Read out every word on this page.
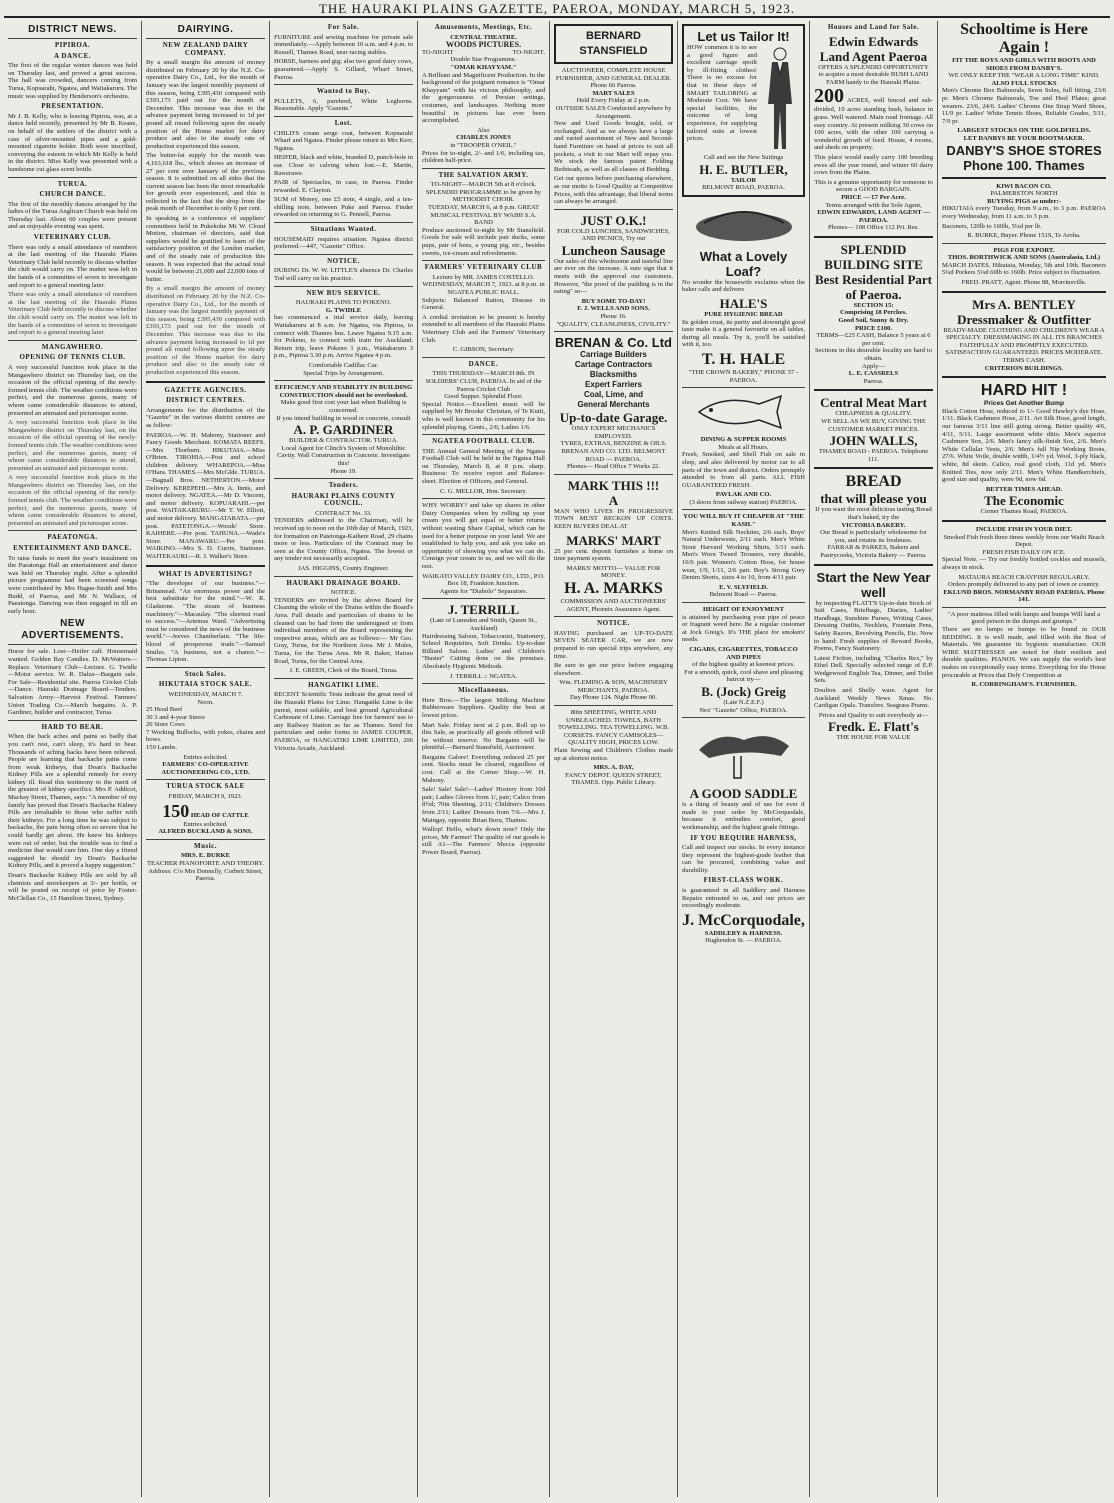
THE HAURAKI PLAINS GAZETTE, PAEROA, MONDAY, MARCH 5, 1923.
DISTRICT NEWS.
PIPIROA.
A DANCE.

The first of the regular winter dances was held on Thursday last, and proved a great success. The hall was crowded, dancers coming from Turua, Kopuarahi, Ngatea, and Waitakaruru. The music was supplied by Henderson's orchestra.

PRESENTATION.

Mr J. B. Kelly, who is leaving Pipiroa, was, at a dance held recently, presented by Mr B. Keane, on behalf of the settlers of the district with a case of silver-mounted pipes and a gold-mounted cigarette holder. Both were inscribed, conveying the esteem in which Mr Kelly is held in the district. Miss Kelly was presented with a handsome cut glass scent bottle.

TURUA.
CHURCH DANCE.

The first of the monthly dances arranged by the ladies of the Turua Anglican Church was held on Thursday last. About 60 couples were present and an enjoyable evening was spent.

VETERINARY CLUB.

There was only a small attendance of members at the last meeting of the Hauraki Plains Veterinary Club held recently to discuss whether the club would carry on. The matter was left in the hands of a committee of seven to investigate and report to a general meeting later.

There was only a small attendance of members at the last meeting of the Hauraki Plains Veterinary Club held recently to discuss whether the club would carry on. The matter was left in the hands of a committee of seven to investigate and report to a general meeting later.

MANGAWHERO.
OPENING OF TENNIS CLUB.

A very successful function took place in the Mangawhero district on Thursday last, on the occasion of the official opening of the newly-formed tennis club. The weather conditions were perfect, and the numerous guests, many of whom came considerable distances to attend, presented an animated and picturesque scene.

A very successful function took place in the Mangawhero district on Thursday last, on the occasion of the official opening of the newly-formed tennis club. The weather conditions were perfect, and the numerous guests, many of whom came considerable distances to attend, presented an animated and picturesque scene.

A very successful function took place in the Mangawhero district on Thursday last, on the occasion of the official opening of the newly-formed tennis club. The weather conditions were perfect, and the numerous guests, many of whom came considerable distances to attend, presented an animated and picturesque scene.

PAEATONGA.
ENTERTAINMENT AND DANCE.

To raise funds to meet the year's instalment on the Paeatonga Hall an entertainment and dance was held on Thursday night. After a splendid picture programme had been screened songs were contributed by Mrs Hague-Smith and Mrs Budd, of Paeroa, and Mr N. Wallace, of Paeatonga. Dancing was then engaged in till an early hour.

NEW ADVERTISEMENTS.

Horse for sale. Lost—Heifer calf. Housemaid wanted. Golden Bay Candles. D. McWatters—Replace. Veterinary Club—Lecture. G. Twidle—Motor service. W. R. Dalza—Bargain sale. For Sale—Residential site. Paeroa Cricket Club—Dance. Hauraki Drainage Board—Tenders. Salvation Army—Harvest Festival. Farmers' Union Trading Co.—March bargains. A. P. Gardiner, builder and contractor, Turua.

HARD TO BEAR.

When the back aches and pains so badly that you can't rest, can't sleep, it's hard to bear. Thousands of aching backs have been relieved. People are learning that backache pains come from weak kidneys, that Doan's Backache Kidney Pills are a splendid remedy for every kidney ill. Read this testimony to the merit of the greatest of kidney specifics: Mrs P. Addicot, Mackay Street, Thames, says: "A member of my family has proved that Doan's Backache Kidney Pills are invaluable to those who suffer with their kidneys. For a long time he was subject to backache, the pain being often so severe that he could hardly get about. He knew his kidneys were out of order, but the trouble was to find a medicine that would cure him. One day a friend suggested he should try Doan's Backache Kidney Pills, and it proved a happy suggestion."

Doan's Backache Kidney Pills are sold by all chemists and storekeepers at 3/- per bottle, or will be posted on receipt of price by Foster-McClellan Co., 15 Hamilton Street, Sydney.

DAIRYING.
NEW ZEALAND DAIRY COMPANY.

By a small margin the amount of money distributed on February 20 by the N.Z. Co-operative Dairy Co., Ltd., for the month of January was the largest monthly payment of this season, being £395,430 compared with £393,173 paid out for the month of December. This increase was due to the advance payment being increased to 1d per pound all round following upon the steady position of the Home market for dairy produce and also to the steady rate of production experienced this season.

The butter-fat supply for the month was 4,163,618 lbs., which shows an increase of 27 per cent over January of the previous season. It is submitted on all sides that the current season has been the most remarkable for growth ever experienced, and this is reflected in the fact that the drop from the peak month of December is only 6 per cent.

In speaking to a conference of suppliers' committees held in Pukekohe Mr W. Cloud Motion, chairman of directors, said that suppliers would be gratified to learn of the satisfactory position of the London market, and of the steady rate of production this season. It was expected that the actual total would be between 21,000 and 22,000 tons of butter.

By a small margin the amount of money distributed on February 20 by the N.Z. Co-operative Dairy Co., Ltd., for the month of January was the largest monthly payment of this season, being £395,430 compared with £393,173 paid out for the month of December. This increase was due to the advance payment being increased to 1d per pound all round following upon the steady position of the Home market for dairy produce and also to the steady rate of production experienced this season.

GAZETTE AGENCIES.
DISTRICT CENTRES.

Arrangements for the distribution of the "Gazette" in the various district centres are as follow:

PAEROA.—W. H. Mabony, Stationer and Fancy Goods Merchant. KOMATA REEFS.—Mrs Thorburn. HIKUTAIA.—Miss O'Brien. TIROHIA.—Post and school children delivery. WHAREPOA.—Miss O'Hara. THAMES.—Mrs McGlde. TURUA.—Bagnall Bros. NETHERTON.—Motor Delivery. KEREPEHI.—Mrs A. Innis, and motor delivery. NGATEA.—Mr D. Vincent, and motor delivery. KOPUARAHI.—per post. WAITAKARURU.—Mr T. W. Elliott, and motor delivery. MANGATARATA.—per post. PATETONGA.—Woods' Store. KAIHERE.—Per post. TAHUNA.—Wade's Store. MANAWARU.—Per post. WAIKINO.—Mrs S. D. Currie, Stationer. WAITEKAURI.—R. J. Walker's Store.

WHAT IS ADVERTISING?

"The developer of our business."—Brinsmead. "An enormous power and the best substitute for the mind."—W. R. Gladstone. "The steam of business machinery."—Macaulay. "The shortest road to success."—Artemus Ward. "Advertising must be considered the news of the business world."—Jeeves Chamberlain. "The life-blood of prosperous trade."—Samuel Smiles. "A business, not a chance."—Thomas Lipton.

Stock Sales.
HIKUTAIA STOCK SALE.
WEDNESDAY, MARCH 7.
Noon.

25 Head Beef
30 3 and 4-year Steers
20 Store Cows
7 Working Bullocks, with yokes, chains and bows.
150 Lambs.

Entries solicited.
FARMERS' CO-OPERATIVE AUCTIONEERING CO., LTD.
TURUA STOCK SALE
FRIDAY, MARCH 9, 1923.
150 HEAD OF CATTLE
Entries solicited.
ALFRED BUCKLAND & SONS.
Music.
MRS. E. BURKE
TEACHER PIANOFORTE AND THEORY.
Address: C/o Mrs Donnelly, Corbett Street, Paeroa.
For Sale.

FURNITURE and sewing machine for private sale immediately.—Apply between 10 a.m. and 4 p.m. to Russell, Thames Road, near racing stables.

HORSE, harness and gig; also two good dairy cows, guaranteed.—Apply S. Gillard, Wharf Street, Paeroa.

Wanted to Buy.

PULLETS, 6, purebred, White Leghorns. Reasonable. Apply "Gazette."

Lost.

CHILD'S cream serge coat, between Kopuarahi Wharf and Ngatea. Finder please return to Mrs Kerr, Ngatea.

HEIFER, black and white, branded D, punch-hole in ear. Close to calving when lost.—E. Martin, Rawerawe.

PAIR of Spectacles, in case, in Paeroa. Finder rewarded. E. Clayton.

SUM of Money, one £5 note, 4 single, and a ten-shilling note, between Puke and Paeroa. Finder rewarded on returning to G. Pennell, Paeroa.

Situations Wanted.

HOUSEMAID requires situation. Ngatea district preferred.—447, "Gazette" Office.

NOTICE.

DURING Dr. W. W. LITTLE'S absence Dr. Charles Tod will carry on his practice.

NEW BUS SERVICE.
HAURAKI PLAINS TO POKENO.
G. TWIDLE

has commenced a trial service daily, leaving Waitakaruru at 8 a.m. for Ngatea, via Pipiroa, to connect with Thames bus. Leave Ngatea 9.15 a.m. for Pokeno, to connect with train for Auckland. Return trip, leave Pokeno 1 p.m., Waitakaruru 3 p.m., Pipiroa 3.30 p.m. Arrive Ngatea 4 p.m.

Comfortable Cadillac Car.
Special Trips by Arrangement.
EFFICIENCY AND STABILITY IN BUILDING CONSTRUCTION should not be overlooked.
Make good first cost your last when Building is concerned.
If you intend building in wood or concrete, consult
A. P. GARDINER
BUILDER & CONTRACTOR. TURUA.
Local Agent for Clinch's System of Monolithic Cavity. Wall Construction in Concrete. Investigate this!
Phone 19.
Tenders.
HAURAKI PLAINS COUNTY COUNCIL.
CONTRACT No. 33.

TENDERS addressed to the Chairman, will be received up to noon on the 10th day of March, 1923, for formation on Patetonga-Kaihere Road, 29 chains more or less. Particulars of the Contract may be seen at the County Office, Ngatea. The lowest or any tender not necessarily accepted.

JAS. HIGGINS, County Engineer.
HAURAKI DRAINAGE BOARD.
NOTICE.

TENDERS are invited by the above Board for Cleaning the whole of the Drains within the Board's Area. Full details and particulars of drains to be cleaned can be had from the undersigned or from individual members of the Board representing the respective areas, which are as follows:— Mr Geo. Gray, Turua, for the Northern Area. Mr J. Mules, Turua, for the Turua Area. Mr R. Baker, Hairau Road, Turua, for the Central Area.

J. E. GREEN, Clerk of the Board, Turua.
HANGATIKI LIME.

RECENT Scientific Tests indicate the great need of the Hauraki Plains for Lime. Hangatiki Lime is the purest, most soluble, and best ground Agricultural Carbonate of Lime. Carriage free for farmers' use to any Railway Station as far as Thames. Send for particulars and order forms to JAMES COUPER, PAEROA, or HANGATIKI LIME LIMITED, 206 Victoria Arcade, Auckland.

Amusements, Meetings, Etc.
CENTRAL THEATRE.
WOODS PICTURES.
TO-NIGHT	TO-NIGHT.
Double Star Programme.
"OMAR KHAYYAM."

A Brilliant and Magnificent Production. In the background of the poignant romance is "Omar Khayyam" with his vicious philosophy, and the gorgeousness of Persian settings, costumes, and landscapes. Nothing more beautiful in pictures has ever been accomplished.

Also
CHARLES JONES
in "TROOPER O'NEIL."

Prices for to-night, 2/- and 1/6, including tax, children half-price.

THE SALVATION ARMY.
TO-NIGHT—MARCH 5th at 8 o'clock.
SPLENDID PROGRAMME to be given by METHODIST CHOIR.
TUESDAY, MARCH 6, at 8 p.m. GREAT MUSICAL FESTIVAL BY WAIHI S.A. BAND

Produce auctioned to-night by Mr Stansfield. Goods for sale will include pair ducks, some pups, pair of hens, a young pig, etc., besides sweets, ice-cream and refreshments.

FARMERS' VETERINARY CLUB
Lecture by MR. JAMES COSTELLO. WEDNESDAY, MARCH 7, 1923. at 8 p.m. in NGATEA PUBLIC HALL.

Subjects: Balanced Ration, Disease in General.

A cordial invitation to be present is hereby extended to all members of the Hauraki Plains Veterinary Club and the Farmers' Veterinary Club.

C. GIBSON, Secretary.
DANCE.
THIS THURSDAY—MARCH 8th. IN SOLDIERS' CLUB, PAEROA. In aid of the Paeroa Cricket Club
Good Supper. Splendid Floor.

Special Notice.—Excellent music will be supplied by Mr Brooks' Christian, of Te Kuiti, who is well known in this community for his splendid playing. Gents., 2/6; Ladies 1/6.

NGATEA FOOTBALL CLUB.

THE Annual General Meeting of the Ngatea Football Club will be held in the Ngatea Hall on Thursday, March 8, at 8 p.m. sharp. Business: To receive report and Balance-sheet. Election of Officers, and General.

C. G. MELLOR, Hon. Secretary.

WHY WORRY? and take up shares in other Dairy Companies when by rolling up your cream you will get equal or better returns without wasting Share Capital, which can be used for a better purpose on your land. We are established to help you, and ask you take an opportunity of showing you what we can do. Consign your cream to us, and we will do the rest.

WAIKATO VALLEY DAIRY CO., LTD., P.O. Box 18, Frankton Junction.
Agents for "Diabolo" Separators.
J. TERRILL
(Late of Lumsden and Smith, Queen St., Auckland)

Hairdressing Saloon, Tobacconist, Stationery, School Requisites, Soft Drinks. Up-to-date Billiard Saloon. Ladies' and Children's "Buster" Cutting done on the premises. Absolutely Hygienic Methods.

J. TERRILL :: NGATEA.
Miscellaneous.

Here Bros.—The largest Milking Machine Rubberware Suppliers. Quality the best at lowest prices.

Mart Sale. Friday next at 2 p.m. Roll up to this Sale, as practically all goods offered will be without reserve. No Bargains will be plentiful.—Bernard Stansfield, Auctioneer.

Bargains Galore! Everything reduced 25 per cent. Stocks must be cleared, regardless of cost. Call at the Corner Shop.—W. H. Mahony.

Sale! Sale! Sale!—Ladies' Hosiery from 10d pair; Ladies Gloves from 1/, pair; Calico from 8½d; 70in Sheeting, 2/11; Children's Dresses from 2/11; Ladies' Dresses from 7/6.—Mrs J. Maingay, opposite Brian Boru, Thames.

Wallop! Hello, what's down now? Only the prices, Mr Farmer! The quality of our goods is still A1—The Farmers' Mecca (opposite Power Board, Paeroa).

BERNARD STANSFIELD
AUCTIONEER, COMPLETE HOUSE FURNISHER, AND GENERAL DEALER.
Phone 66 Paeroa.
MART SALES
Held Every Friday at 2 p.m.
OUTSIDE SALES Conducted anywhere by Arrangement.

New and Used Goods bought, sold, or exchanged. And as we always have a large and varied assortment of New and Second-hand Furniture on hand at prices to suit all pockets, a visit to our Mart will repay you. We stock the famous patent Folding Bedsteads, as well as all classes of Bedding.

Get our quotes before purchasing elsewhere, as our motto is Good Quality at Competitive Prices, with this advantage, that liberal terms can always be arranged.

JUST O.K.!
FOR COLD LUNCHES, SANDWICHES, AND PICNICS, Try our
Luncheon Sausage

Our sales of this wholesome and tasteful line are ever on the increase. A sure sign that it meets with the approval our customers. However, "the proof of the pudding is in the eating" so—

BUY SOME TO-DAY!
F. J. WELLS AND SONS.
Phone 16.
"QUALITY, CLEANLINESS, CIVILITY."
BRENAN & Co. Ltd
Carriage Builders
Cartage Contractors
Blacksmiths
Expert Farriers
Coal, Lime, and
General Merchants
Up-to-date Garage.
ONLY EXPERT MECHANICS EMPLOYED.
TYRES, EXTRAS, BENZINE & OILS.
BRENAN AND CO. LTD. BELMONT ROAD — PAEROA.
Phones— Head Office 7 Works 22.
MARK THIS !!!
A

MAN WHO LIVES IN PROGRESSIVE TOWN MUST RECKON UP COSTS. KEEN BUYERS DEAL AT

MARKS' MART

25 per cent. deposit furnishes a home on time payment system.

MARKS' MOTTO— VALUE FOR MONEY.
H. A. MARKS
COMMISSION AND AUCTIONEERS' AGENT, Phoenix Assurance Agent.
NOTICE.

HAVING purchased an UP-TO-DATE SEVEN SEATER CAR, we are now prepared to run special trips anywhere, any time.

Be sure to get our price before engaging elsewhere.

Wm. FLEMING & SON, MACHINERY MERCHANTS, PAEROA.
Day Phone 124. Night Phone 90.
80in SHEETING, WHITE AND UNBLEACHED. TOWELS, BATH TOWELLING. TEA TOWELLING. W.B. CORSETS. FANCY CAMISOLES—QUALITY HIGH, PRICES LOW.

Plain Sewing and Children's Clothes made up at shortest notice.

MRS. A. DAY,
FANCY DEPOT. QUEEN STREET, THAMES. Opp. Public Library.
Let us Tailor It!

HOW common it is to see a good figure and excellent carriage spoilt by ill-fitting clothes! There is no excuse for that in these days of SMART TAILORING at Moderate Cost. We have special facilities, the outcome of long experience, for supplying tailored suits at lowest prices.

Call and see the New Suitings
H. E. BUTLER,
TAILOR
BELMONT ROAD, PAEROA.
What a Lovely Loaf?

No wonder the housewife exclaims when the baker calls and delivers

HALE'S
PURE HYGIENIC BREAD

Its golden crust, its purity and downright good taste make it a general favourite on all tables, during all meals. Try it, you'll be satisfied with it, too.

T. H. HALE
"THE CROWN BAKERY," PHONE 57 - PAEROA.
DINING & SUPPER ROOMS
Meals at all Hours.

Fresh, Smoked, and Shell Fish on sale in shop, and also delivered by motor car to all parts of the town and district. Orders promptly attended to from all parts. ALL FISH GUARANTEED FRESH.

PAVLAK AND CO.
(3 doors from railway station) PAEROA.
YOU WILL BUY IT CHEAPER AT "THE KASH."

Men's Knitted Silk Neckties, 2/6 each. Boys' Natural Underwests, 2/11 each. Men's White Stout Harvard Working Shirts, 5/11 each. Men's Worn Tweed Trousers, very durable, 16/6 pair. Women's Cotton Hose, for house wear, 1/9, 1/11, 2/6 pair. Boy's Strong Grey Denim Shorts, sizes 4 to 10, from 4/11 pair.

E. V. SLYFIELD.
Belmont Road — Paeroa.
HEIGHT OF ENJOYMENT

is attained by purchasing your pipe of peace or fragrant weed here. Be a regular customer at Jock Greig's. It's THE place for smokers' needs.

CIGARS, CIGARETTES, TOBACCO AND PIPES
of the highest quality at keenest prices.
For a smooth, quick, cool shave and pleasing haircut try—
B. (Jock) Greig
(Late N.Z.E.F.)
Nex' "Gazette" Office, PAEROA.
A GOOD SADDLE

is a thing of beauty and of use for ever if made to your order by McCorquodale, because it embodies comfort, good workmanship, and the highest grade fittings.

IF YOU REQUIRE HARNESS,

Call and inspect our stocks. In every instance they represent the highest-grade leather that can be procured, combining value and durability.

FIRST-CLASS WORK.

is guaranteed in all Saddlery and Harness Repairs entrusted to us, and our prices are exceedingly moderate.

J. McCorquodale,
SADDLERY & HARNESS.
Hughendon St. — PAEROA.
Houses and Land for Sale.
Edwin Edwards Land Agent Paeroa
OFFERS A SPLENDID OPPORTUNITY
to acquire a most desirable BUSH LAND FARM handy to the Hauraki Plains.

200 ACRES, well fenced and sub-divided, 10 acres standing bush, balance in grass. Well watered. Main road frontage. All easy country. At present milking 30 cows on 100 acres, with the other 100 carrying a wonderful growth of feed. House, 4 rooms, and sheds on property.

This place would easily carry 100 breeding ewes all the year round, and winter 60 dairy cows from the Plains.

This is a genuine opportunity for someone to secure a GOOD BARGAIN.
PRICE — £7 Per Acre.
Terms arranged with the Sole Agent,
EDWIN EDWARDS, LAND AGENT — PAEROA.
Phones— 108 Office 112 Pri. Res.
SPLENDID BUILDING SITE
Best Residential Part of Paeroa.
SECTION 15:
Comprising 18 Perches.
Good Soil, Sunny & Dry.
PRICE £100.
TERMS—£25 CASH, Balance 5 years at 6 per cent.
Sections in this desirable locality are hard to obtain.
Apply—
L. E. CASSRELS
Paeroa.
Central Meat Mart
CHEAPNESS & QUALITY.
WE SELL AS WE BUY, GIVING THE CUSTOMER MARKET PRICES.
JOHN WALLS,
THAMES ROAD - PAEROA. Telephone 111.
BREAD
that will please you
If you want the most delicious tasting Bread that's baked, try the
VICTORIA BAKERY.
Our Bread is particularly wholesome for you, and retains its freshness.
FARRAR & PARKES, Bakers and Pastrycooks, Victoria Bakery — Paeroa.
Start the New Year well
by inspecting FLATT'S Up-to-date Stock of

Suit Cases, Briefbags, Diaries, Ladies' Handbags, Sunshine Purses, Writing Cases, Dressing Outfits, Necklets, Fountain Pens, Safety Razors, Revolving Pencils, Etc. Now to hand: Fresh supplies of Reward Books, Poems, Fancy Stationery.

Latest Fiction, including "Charles Rex," by Ethel Dell. Specially selected range of E.P. Wedgewood English Tea, Dinner, and Toilet Sets.

Doulton and Shelly ware. Agent for Auckland Weekly News Xmas. No. Cardigan Opals. Transfers. Seagrass Prams.

Prices and Quality to suit everybody at—
Fredk. E. Flatt's
THE HOUSE FOR VALUE
Schooltime is Here Again !
FIT THE BOYS AND GIRLS WITH BOOTS AND SHOES FROM DANBY'S.
WE ONLY KEEP THE "WEAR A LONG TIME" KIND.
ALSO FULL STOCKS

Men's Chrome Box Balmorals, Sewn Soles, full fitting, 23/6 pr. Men's Chrome Balmorals, Toe and Heel Plates; great wearers. 23/6, 24/6. Ladies' Chrome One Strap Ward Shoes, 11/9 pr. Ladies' White Tennis Shoes, Reliable Grades, 5/11, 7/9 pr.

LARGEST STOCKS ON THE GOLDFIELDS.
LET DANBYS BE YOUR BOOTMAKER.
DANBY'S SHOE STORES Phone 100. Thames
KIWI BACON CO.
PALMERSTON NORTH
BUYING PIGS as under:-

HIKUTAIA every Tuesday, from 9 a.m., to 3 p.m. PAEROA every Wednesday, from 11 a.m. to 3 p.m.

Baconers, 120lb to 160lb, 5¼d per lb.

R. BURKE, Buyer. Phone 151S, Te Aroha.
PIGS FOR EXPORT.
THOS. BORTHWICK AND SONS (Australasia, Ltd.)

MARCH DATES. Hikutaia, Monday, 5th and 19th. Baconers 5¼d Porkers 5¼d 60lb to 160lb. Price subject to fluctuation.

FRED. PRATT, Agent. Phone 88, Morrinsville.
Mrs A. BENTLEY
Dressmaker & Outfitter
READY-MADE CLOTHING AND CHILDREN'S WEAR A SPECIALTY. DRESSMAKING IN ALL ITS BRANCHES FAITHFULLY AND PROMPTLY EXECUTED. SATISFACTION GUARANTEED. PRICES MODERATE. TERMS CASH.
CRITERION BUILDINGS.
HARD HIT !
Prices Get Another Bump

Black Cotton Hose, reduced to 1/- Good Hawley's dye Hose, 1/11. Black Cashmere Hose, 2/11. Art Silk Hose, good length, our famous 3/11 line still going strong. Better quality 4/6, 4/11, 5/11. Large assortment white ditto. Men's superior Cashmere Sox, 2/6. Men's fancy silk-finish Sox, 2/6. Men's White Cellular Vests, 2/6. Men's full Nip Working Boots, 27/6. White Voile, double width, 1/4½ yd. Wool, 3-ply black, white, 8d skein. Calico, real good cloth, 11d yd. Men's Knitted Ties, now only 2/11. Men's White Handkerchiefs, good size and quality, were 9d, now 6d.

BETTER TIMES AHEAD.
The Economic
Corner Thames Road, PAEROA.
INCLUDE FISH IN YOUR DIET.
Smoked Fish fresh three times weekly from our Waihi Beach Depot.
FRESH FISH DAILY ON ICE.

Special Note. — Try our freshly bottled cockles and mussels, always in stock.

MATAURA BEACH CRAYFISH REGULARLY.
Orders promptly delivered to any part of town or country.
EKLUND BROS. NORMANBY ROAD PAEROA. Phone 141.
"A poor mattress filled with lumps and bumps Will land a good person in the dumps and grumps."

There are no lumps or bumps to be found in OUR BEDDING. It is well made, and filled with the Best of Materials. We guarantee its hygienic manufacture. OUR WIRE MATTRESSES are noted for their resilient and durable qualities. PIANOS. We can supply the world's best makes on exceptionally easy terms. Everything for the Home procurable at Prices that Defy Competition at

R. CORRINGHAM'S. FURNISHER.
